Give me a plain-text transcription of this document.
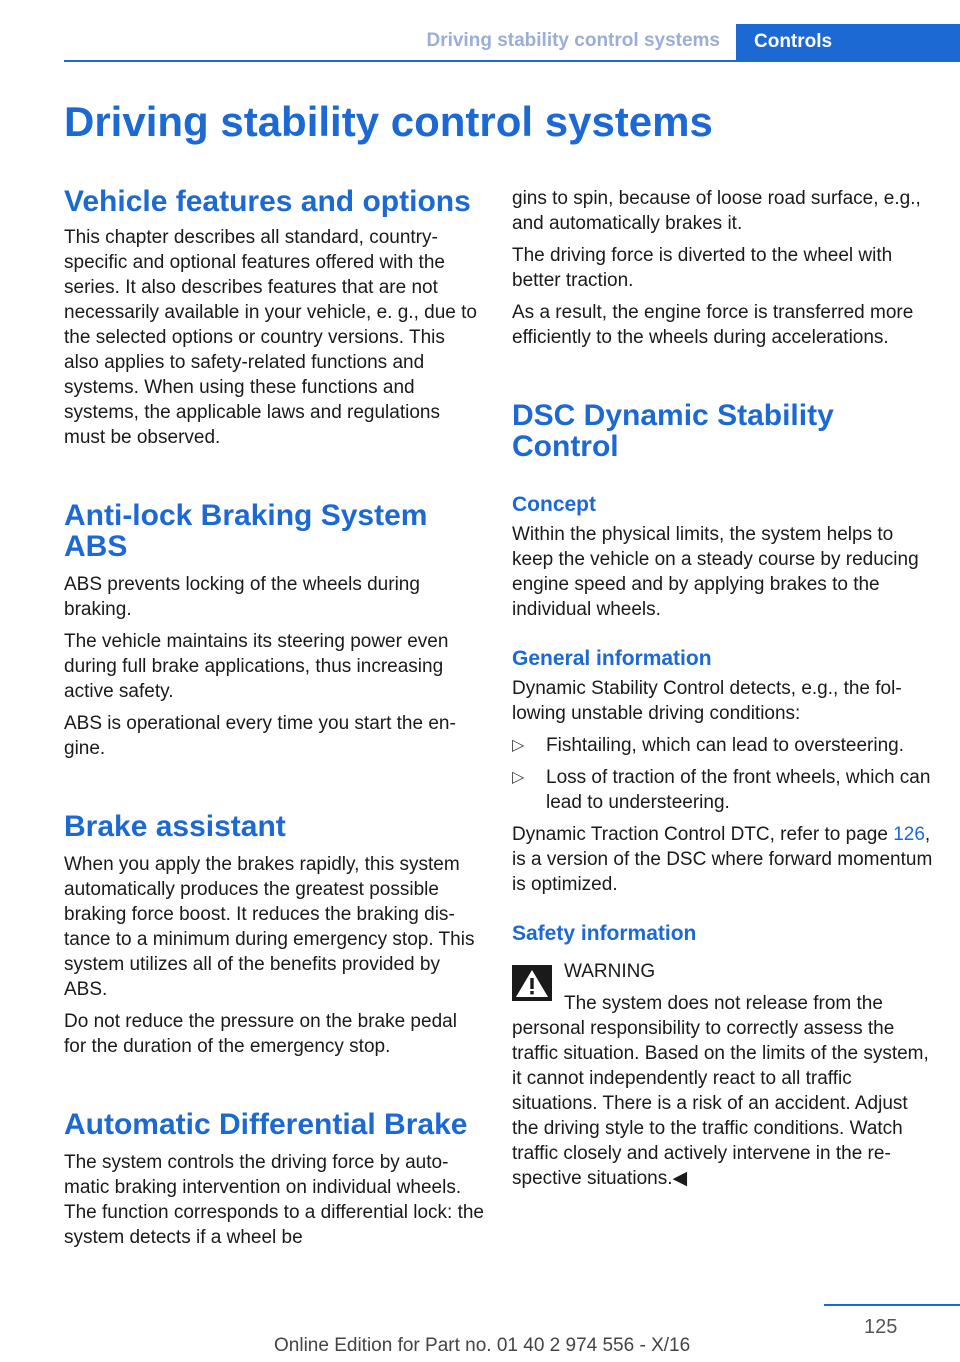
Driving stability control systems Controls
Driving stability control systems
Vehicle features and options

This chapter describes all standard, country-specific and optional features offered with the series. It also describes features that are not necessarily available in your vehicle, e. g., due to the selected options or country versions. This also applies to safety-related functions and systems. When using these functions and systems, the applicable laws and regulations must be observed.

Anti-lock Braking System ABS

ABS prevents locking of the wheels during braking.

The vehicle maintains its steering power even during full brake applications, thus increasing active safety.

ABS is operational every time you start the engine.

Brake assistant

When you apply the brakes rapidly, this system automatically produces the greatest possible braking force boost. It reduces the braking distance to a minimum during emergency stop. This system utilizes all of the benefits provided by ABS.

Do not reduce the pressure on the brake pedal for the duration of the emergency stop.

Automatic Differential Brake

The system controls the driving force by automatic braking intervention on individual wheels. The function corresponds to a differential lock: the system detects if a wheel be

gins to spin, because of loose road surface, e.g., and automatically brakes it.

The driving force is diverted to the wheel with better traction.

As a result, the engine force is transferred more efficiently to the wheels during accelerations.

DSC Dynamic Stability Control
Concept

Within the physical limits, the system helps to keep the vehicle on a steady course by reducing engine speed and by applying brakes to the individual wheels.

General information

Dynamic Stability Control detects, e.g., the following unstable driving conditions:

▷ Fishtailing, which can lead to oversteering.
▷ Loss of traction of the front wheels, which can lead to understeering.

Dynamic Traction Control DTC, refer to page 126, is a version of the DSC where forward momentum is optimized.

Safety information

WARNING

The system does not release from the personal responsibility to correctly assess the traffic situation. Based on the limits of the system, it cannot independently react to all traffic situations. There is a risk of an accident. Adjust the driving style to the traffic conditions. Watch traffic closely and actively intervene in the respective situations.◀

125
Online Edition for Part no. 01 40 2 974 556 - X/16
